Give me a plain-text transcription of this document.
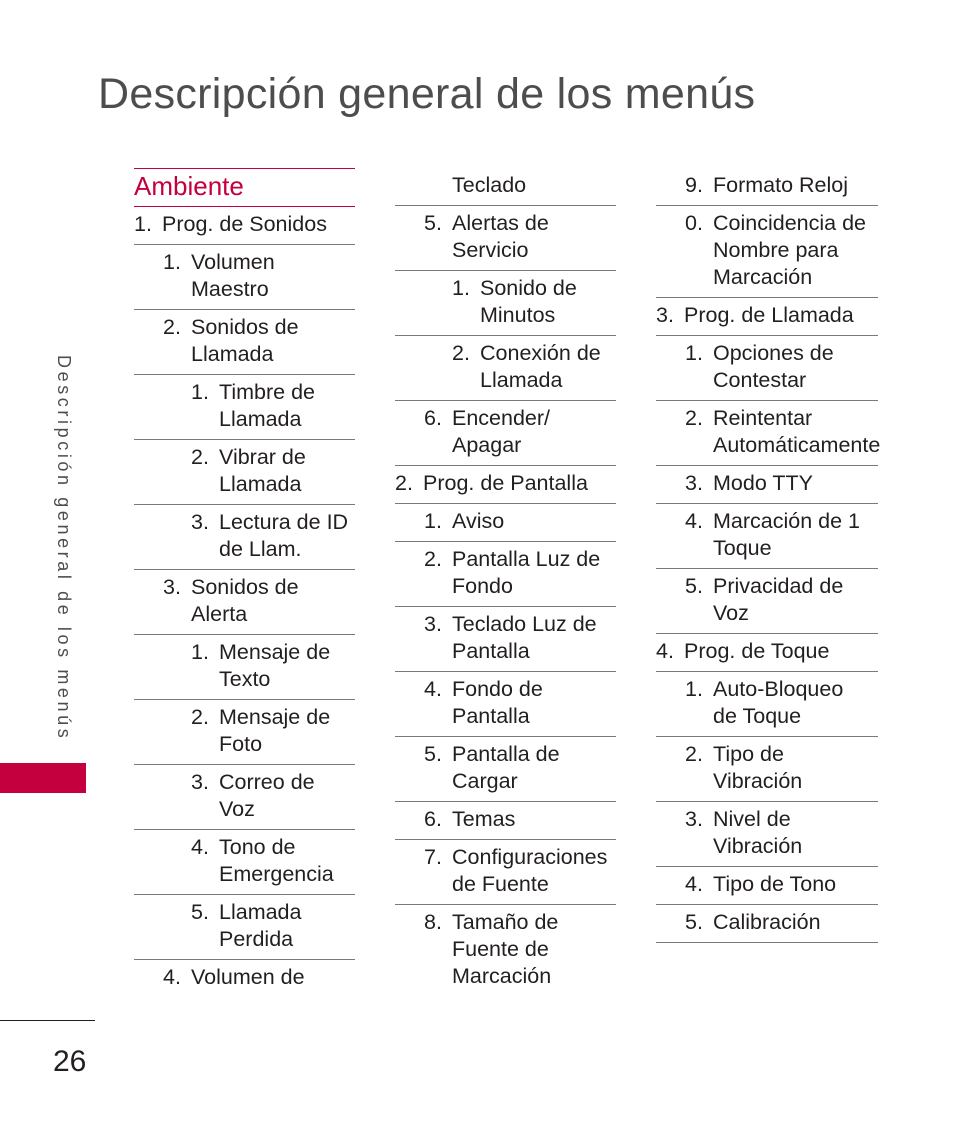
Descripción general de los menús
Descripción general de los menús
26
Ambiente
1. Prog. de Sonidos
1. Volumen
Maestro
2. Sonidos de
Llamada
1. Timbre de
Llamada
2. Vibrar de
Llamada
3. Lectura de ID
de Llam.
3. Sonidos de
Alerta
1. Mensaje de
Texto
2. Mensaje de
Foto
3. Correo de
Voz
4. Tono de
Emergencia
5. Llamada
Perdida
4. Volumen de
Teclado
5. Alertas de
Servicio
1. Sonido de
Minutos
2. Conexión de
Llamada
6. Encender/
Apagar
2. Prog. de Pantalla
1. Aviso
2. Pantalla Luz de
Fondo
3. Teclado Luz de
Pantalla
4. Fondo de
Pantalla
5. Pantalla de
Cargar
6. Temas
7. Configuraciones
de Fuente
8. Tamaño de
Fuente de
Marcación
9. Formato Reloj
0. Coincidencia de
Nombre para
Marcación
3. Prog. de Llamada
1. Opciones de
Contestar
2. Reintentar
Automáticamente
3. Modo TTY
4. Marcación de 1
Toque
5. Privacidad de
Voz
4. Prog. de Toque
1. Auto-Bloqueo
de Toque
2. Tipo de
Vibración
3. Nivel de
Vibración
4. Tipo de Tono
5. Calibración
